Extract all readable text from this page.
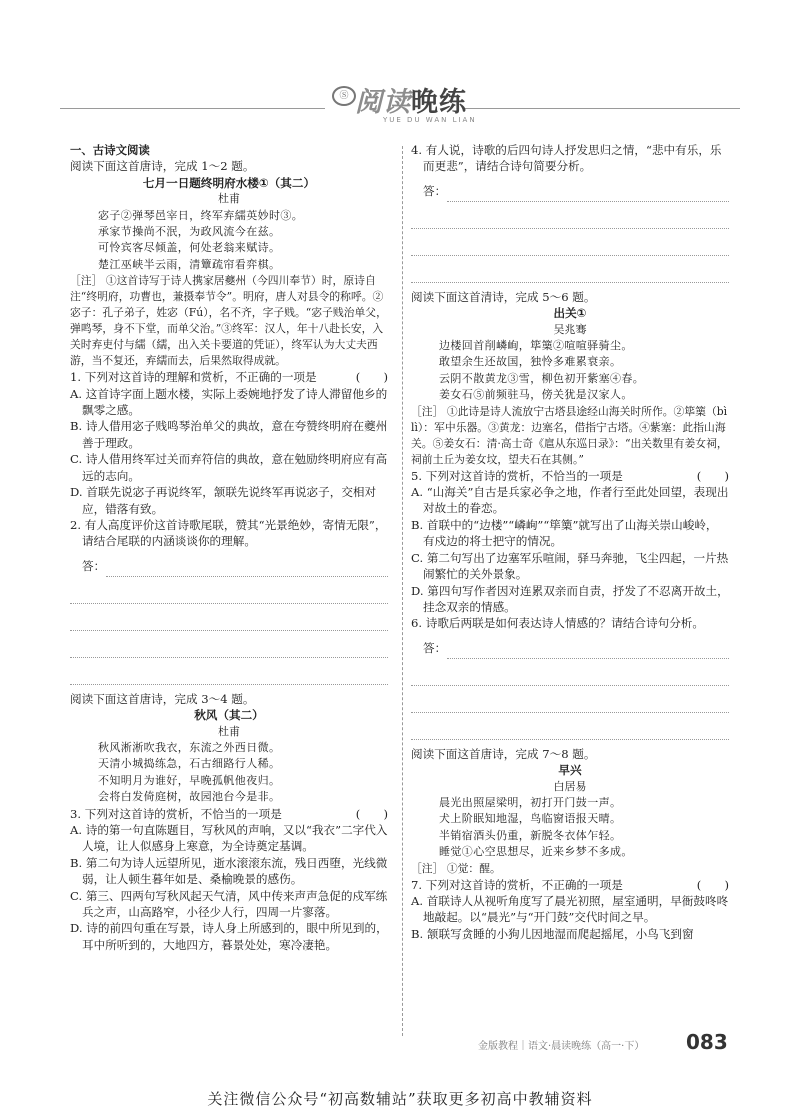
Ⓢ 阅读晚练
YUE DU WAN LIAN

一、古诗文阅读

阅读下面这首唐诗，完成 1～2 题。

七月一日题终明府水楼①（其二）

杜甫

宓子②弹琴邑宰日，终军弃繻英妙时③。

承家节操尚不泯，为政风流今在兹。

可怜宾客尽倾盖，何处老翁来赋诗。

楚江巫峡半云雨，清簟疏帘看弈棋。

［注］ ①这首诗写于诗人携家居夔州（今四川奉节）时，原诗自注“终明府，功曹也，兼摄奉节令”。明府，唐人对县令的称呼。②宓子：孔子弟子，姓宓（Fú），名不齐，字子贱。“宓子贱治单父，弹鸣琴，身不下堂，而单父治。”③终军：汉人，年十八赴长安，入关时弃吏付与繻（繻，出入关卡要道的凭证），终军认为大丈夫西游，当不复还，弃繻而去，后果然取得成就。

1. 下列对这首诗的理解和赏析，不正确的一项是	(　　)

A. 这首诗字面上题水楼，实际上委婉地抒发了诗人滞留他乡的飘零之感。

B. 诗人借用宓子贱鸣琴治单父的典故，意在夸赞终明府在夔州善于理政。

C. 诗人借用终军过关而弃符信的典故，意在勉励终明府应有高远的志向。

D. 首联先说宓子再说终军，颔联先说终军再说宓子，交相对应，错落有致。

2. 有人高度评价这首诗歌尾联，赞其“光景绝妙，寄情无限”，请结合尾联的内涵谈谈你的理解。

答：

阅读下面这首唐诗，完成 3～4 题。

秋风（其二）

杜甫

秋风淅淅吹我衣，东流之外西日微。

天清小城捣练急，石古细路行人稀。

不知明月为谁好，早晚孤帆他夜归。

会将白发倚庭树，故园池台今是非。

3. 下列对这首诗的赏析，不恰当的一项是	(　　)

A. 诗的第一句直陈题目，写秋风的声响，又以“我衣”二字代入人境，让人似感身上寒意，为全诗奠定基调。

B. 第二句为诗人远望所见，逝水滚滚东流，残日西堕，光线微弱，让人顿生暮年如是、桑榆晚景的感伤。

C. 第三、四两句写秋风起天气清，风中传来声声急促的戍军练兵之声，山高路窄，小径少人行，四周一片寥落。

D. 诗的前四句重在写景，诗人身上所感到的，眼中所见到的，耳中所听到的，大地四方，暮景处处，寒冷凄艳。

4. 有人说，诗歌的后四句诗人抒发思归之情，“悲中有乐，乐而更悲”，请结合诗句简要分析。

答：

阅读下面这首清诗，完成 5～6 题。

出关①

吴兆骞

边楼回首削嶙峋，筚篥②喧喧驿骑尘。

敢望余生还故国，独怜多难累衰亲。

云阴不散黄龙③雪，柳色初开紫塞④春。

姜女石⑤前频驻马，傍关犹是汉家人。

［注］ ①此诗是诗人流放宁古塔县途经山海关时所作。②筚篥（bì lì）：军中乐器。③黄龙：边塞名，借指宁古塔。④紫塞：此指山海关。⑤姜女石：清·高士奇《扈从东巡日录》：“出关数里有姜女祠，祠前土丘为姜女坟，望夫石在其侧。”

5. 下列对这首诗的赏析，不恰当的一项是	(　　)

A. “山海关”自古是兵家必争之地，作者行至此处回望，表现出对故土的眷恋。

B. 首联中的“边楼”“嶙峋”“筚篥”就写出了山海关崇山峻岭，有戍边的将士把守的情况。

C. 第二句写出了边塞军乐喧闹，驿马奔驰，飞尘四起，一片热闹繁忙的关外景象。

D. 第四句写作者因对连累双亲而自责，抒发了不忍离开故土，挂念双亲的情感。

6. 诗歌后两联是如何表达诗人情感的？请结合诗句分析。

答：

阅读下面这首唐诗，完成 7～8 题。

早兴

白居易

晨光出照屋梁明，初打开门鼓一声。

犬上阶眠知地湿，鸟临窗语报天晴。

半销宿酒头仍重，新脱冬衣体乍轻。

睡觉①心空思想尽，近来乡梦不多成。

［注］ ①觉：醒。

7. 下列对这首诗的赏析，不正确的一项是	(　　)

A. 首联诗人从视听角度写了晨光初照，屋室通明，早衙鼓咚咚地敲起。以“晨光”与“开门鼓”交代时间之早。

B. 颔联写贪睡的小狗儿因地湿而爬起摇尾，小鸟飞到窗

金版教程｜语文·晨读晚练（高一·下） 083
关注微信公众号“初高数辅站”获取更多初高中教辅资料
